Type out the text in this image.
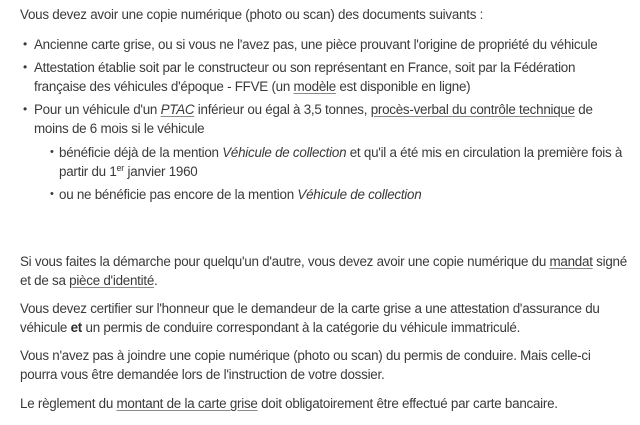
Vous devez avoir une copie numérique (photo ou scan) des documents suivants :

• Ancienne carte grise, ou si vous ne l'avez pas, une pièce prouvant l'origine de propriété du véhicule
• Attestation établie soit par le constructeur ou son représentant en France, soit par la Fédération française des véhicules d'époque - FFVE (un modèle est disponible en ligne)
• Pour un véhicule d'un PTAC inférieur ou égal à 3,5 tonnes, procès-verbal du contrôle technique de moins de 6 mois si le véhicule
• bénéficie déjà de la mention Véhicule de collection et qu'il a été mis en circulation la première fois à partir du 1er janvier 1960
• ou ne bénéficie pas encore de la mention Véhicule de collection

Si vous faites la démarche pour quelqu'un d'autre, vous devez avoir une copie numérique du mandat signé et de sa pièce d'identité.

Vous devez certifier sur l'honneur que le demandeur de la carte grise a une attestation d'assurance du véhicule et un permis de conduire correspondant à la catégorie du véhicule immatriculé.

Vous n'avez pas à joindre une copie numérique (photo ou scan) du permis de conduire. Mais celle-ci pourra vous être demandée lors de l'instruction de votre dossier.

Le règlement du montant de la carte grise doit obligatoirement être effectué par carte bancaire.
